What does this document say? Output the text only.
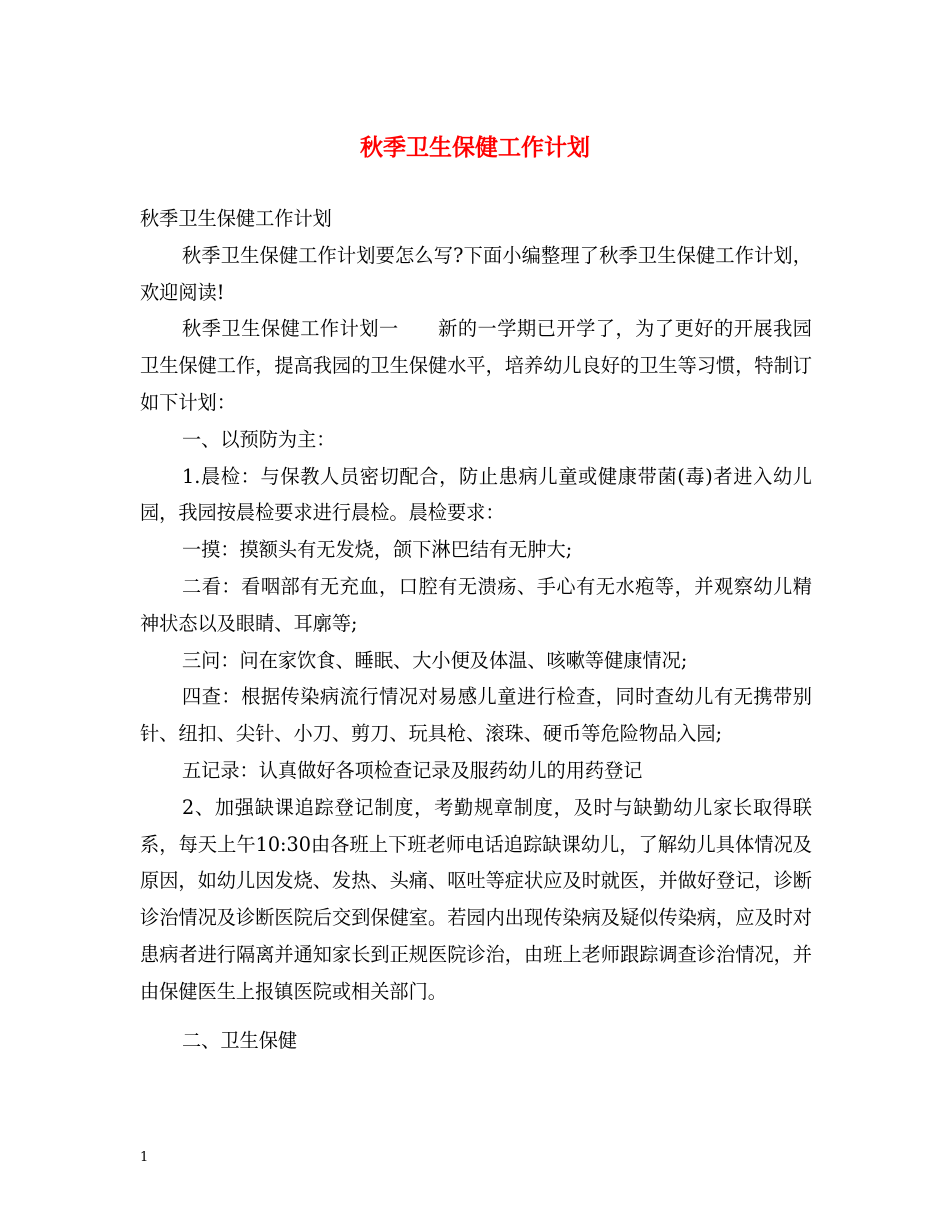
秋季卫生保健工作计划

秋季卫生保健工作计划

秋季卫生保健工作计划要怎么写?下面小编整理了秋季卫生保健工作计划，欢迎阅读!

秋季卫生保健工作计划一　　新的一学期已开学了，为了更好的开展我园卫生保健工作，提高我园的卫生保健水平，培养幼儿良好的卫生等习惯，特制订如下计划：

一、以预防为主：

1.晨检：与保教人员密切配合，防止患病儿童或健康带菌(毒)者进入幼儿园，我园按晨检要求进行晨检。晨检要求：

一摸：摸额头有无发烧，颌下淋巴结有无肿大;

二看：看咽部有无充血，口腔有无溃疡、手心有无水疱等，并观察幼儿精神状态以及眼睛、耳廓等;

三问：问在家饮食、睡眠、大小便及体温、咳嗽等健康情况;

四查：根据传染病流行情况对易感儿童进行检查，同时查幼儿有无携带别针、纽扣、尖针、小刀、剪刀、玩具枪、滚珠、硬币等危险物品入园;

五记录：认真做好各项检查记录及服药幼儿的用药登记

2、加强缺课追踪登记制度，考勤规章制度，及时与缺勤幼儿家长取得联系，每天上午10:30由各班上下班老师电话追踪缺课幼儿，了解幼儿具体情况及原因，如幼儿因发烧、发热、头痛、呕吐等症状应及时就医，并做好登记，诊断诊治情况及诊断医院后交到保健室。若园内出现传染病及疑似传染病，应及时对患病者进行隔离并通知家长到正规医院诊治，由班上老师跟踪调查诊治情况，并由保健医生上报镇医院或相关部门。

二、卫生保健

1
